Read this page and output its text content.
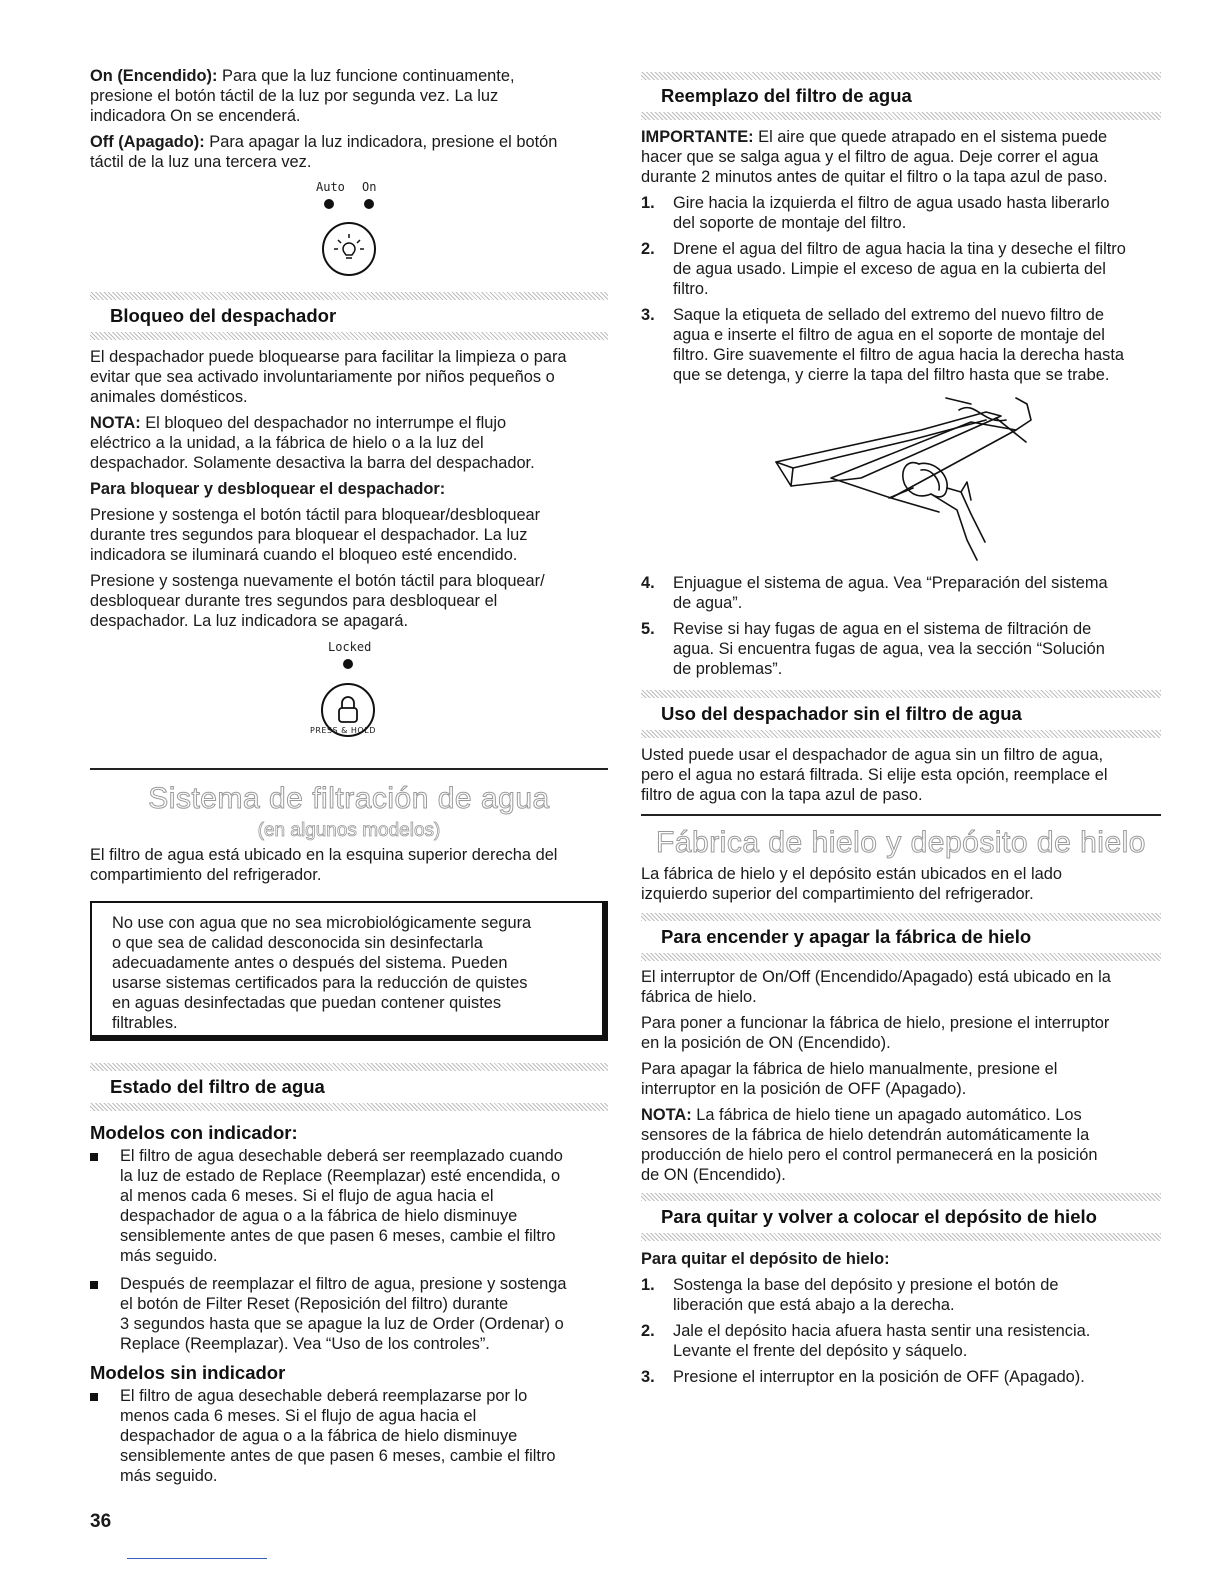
On (Encendido): Para que la luz funcione continuamente,
presione el botón táctil de la luz por segunda vez. La luz
indicadora On se encenderá.
Off (Apagado): Para apagar la luz indicadora, presione el botón
táctil de la luz una tercera vez.
Auto On
Bloqueo del despachador

El despachador puede bloquearse para facilitar la limpieza o para
evitar que sea activado involuntariamente por niños pequeños o
animales domésticos.

NOTA: El bloqueo del despachador no interrumpe el flujo
eléctrico a la unidad, a la fábrica de hielo o a la luz del
despachador. Solamente desactiva la barra del despachador.

Para bloquear y desbloquear el despachador:

Presione y sostenga el botón táctil para bloquear/desbloquear
durante tres segundos para bloquear el despachador. La luz
indicadora se iluminará cuando el bloqueo esté encendido.

Presione y sostenga nuevamente el botón táctil para bloquear/
desbloquear durante tres segundos para desbloquear el
despachador. La luz indicadora se apagará.

Locked
PRESS & HOLD
Sistema de filtración de agua
(en algunos modelos)
El filtro de agua está ubicado en la esquina superior derecha del
compartimiento del refrigerador.
No use con agua que no sea microbiológicamente segura
o que sea de calidad desconocida sin desinfectarla
adecuadamente antes o después del sistema. Pueden
usarse sistemas certificados para la reducción de quistes
en aguas desinfectadas que puedan contener quistes
filtrables.
Estado del filtro de agua
Modelos con indicador:
El filtro de agua desechable deberá ser reemplazado cuando
la luz de estado de Replace (Reemplazar) esté encendida, o
al menos cada 6 meses. Si el flujo de agua hacia el
despachador de agua o a la fábrica de hielo disminuye
sensiblemente antes de que pasen 6 meses, cambie el filtro
más seguido.
Después de reemplazar el filtro de agua, presione y sostenga
el botón de Filter Reset (Reposición del filtro) durante
3 segundos hasta que se apague la luz de Order (Ordenar) o
Replace (Reemplazar). Vea “Uso de los controles”.
Modelos sin indicador
El filtro de agua desechable deberá reemplazarse por lo
menos cada 6 meses. Si el flujo de agua hacia el
despachador de agua o a la fábrica de hielo disminuye
sensiblemente antes de que pasen 6 meses, cambie el filtro
más seguido.
Reemplazo del filtro de agua

IMPORTANTE: El aire que quede atrapado en el sistema puede
hacer que se salga agua y el filtro de agua. Deje correr el agua
durante 2 minutos antes de quitar el filtro o la tapa azul de paso.

1. Gire hacia la izquierda el filtro de agua usado hasta liberarlo
del soporte de montaje del filtro.
2. Drene el agua del filtro de agua hacia la tina y deseche el filtro
de agua usado. Limpie el exceso de agua en la cubierta del
filtro.
3. Saque la etiqueta de sellado del extremo del nuevo filtro de
agua e inserte el filtro de agua en el soporte de montaje del
filtro. Gire suavemente el filtro de agua hacia la derecha hasta
que se detenga, y cierre la tapa del filtro hasta que se trabe.
4. Enjuague el sistema de agua. Vea “Preparación del sistema
de agua”.
5. Revise si hay fugas de agua en el sistema de filtración de
agua. Si encuentra fugas de agua, vea la sección “Solución
de problemas”.
Uso del despachador sin el filtro de agua
Usted puede usar el despachador de agua sin un filtro de agua,
pero el agua no estará filtrada. Si elije esta opción, reemplace el
filtro de agua con la tapa azul de paso.
Fábrica de hielo y depósito de hielo
La fábrica de hielo y el depósito están ubicados en el lado
izquierdo superior del compartimiento del refrigerador.
Para encender y apagar la fábrica de hielo

El interruptor de On/Off (Encendido/Apagado) está ubicado en la
fábrica de hielo.

Para poner a funcionar la fábrica de hielo, presione el interruptor
en la posición de ON (Encendido).

Para apagar la fábrica de hielo manualmente, presione el
interruptor en la posición de OFF (Apagado).

NOTA: La fábrica de hielo tiene un apagado automático. Los
sensores de la fábrica de hielo detendrán automáticamente la
producción de hielo pero el control permanecerá en la posición
de ON (Encendido).

Para quitar y volver a colocar el depósito de hielo

Para quitar el depósito de hielo:

1. Sostenga la base del depósito y presione el botón de
liberación que está abajo a la derecha.
2. Jale el depósito hacia afuera hasta sentir una resistencia.
Levante el frente del depósito y sáquelo.
3. Presione el interruptor en la posición de OFF (Apagado).
36
